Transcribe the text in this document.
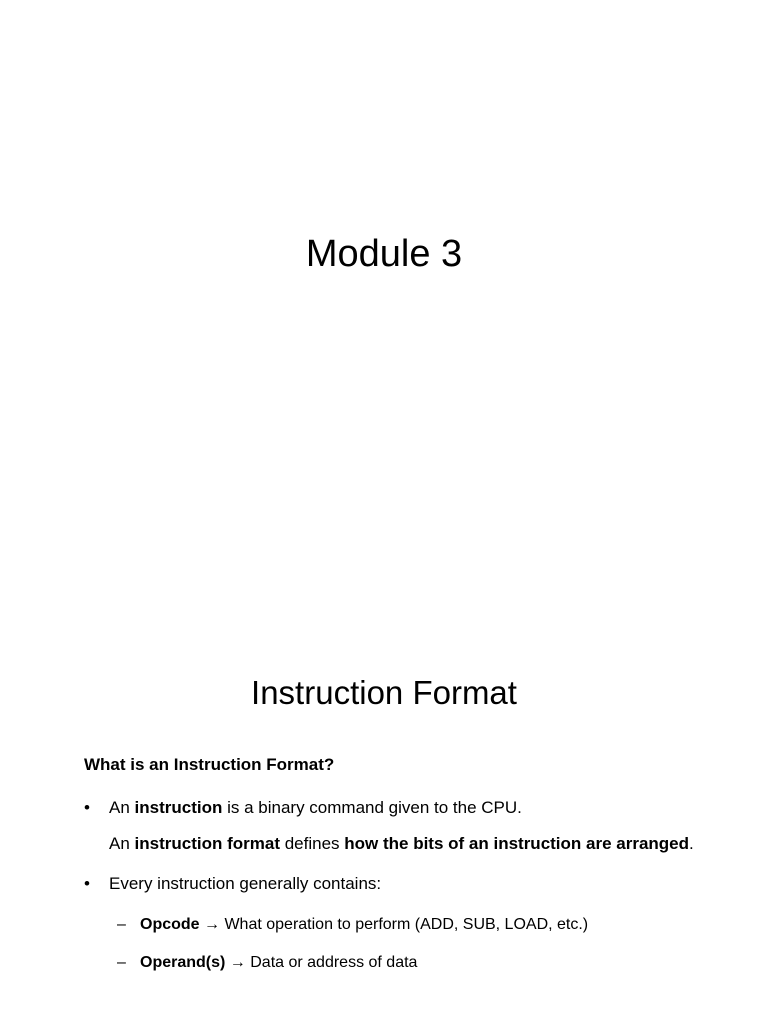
Module 3
Instruction Format

What is an Instruction Format?

• An instruction is a binary command given to the CPU.
An instruction format defines how the bits of an instruction are arranged.
• Every instruction generally contains:
– Opcode → What operation to perform (ADD, SUB, LOAD, etc.)
– Operand(s) → Data or address of data
